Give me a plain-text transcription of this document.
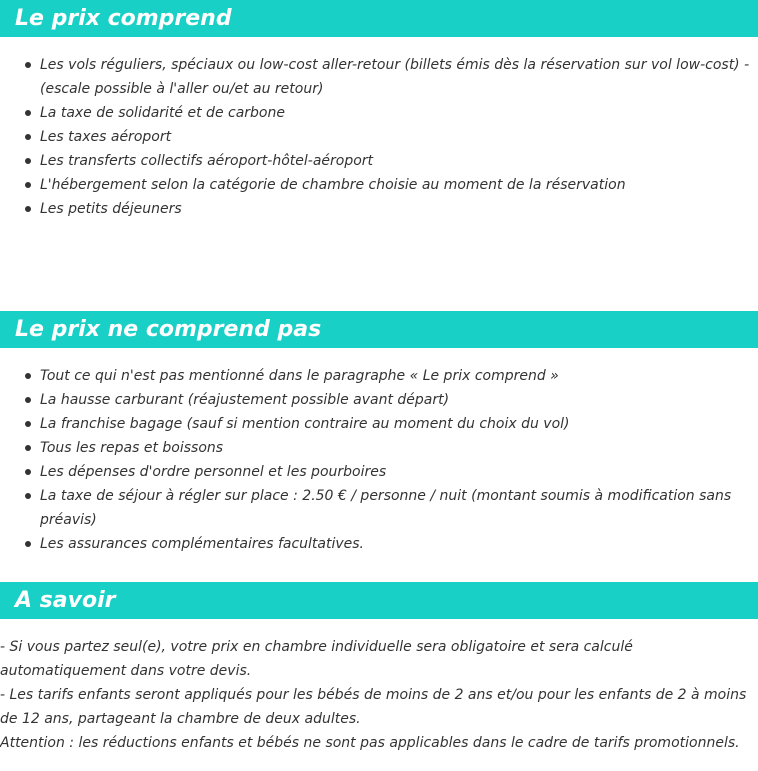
Le prix comprend
Les vols réguliers, spéciaux ou low-cost aller-retour (billets émis dès la réservation sur vol low-cost) - (escale possible à l'aller ou/et au retour)
La taxe de solidarité et de carbone
Les taxes aéroport
Les transferts collectifs aéroport-hôtel-aéroport
L'hébergement selon la catégorie de chambre choisie au moment de la réservation
Les petits déjeuners
Le prix ne comprend pas
Tout ce qui n'est pas mentionné dans le paragraphe « Le prix comprend »
La hausse carburant (réajustement possible avant départ)
La franchise bagage (sauf si mention contraire au moment du choix du vol)
Tous les repas et boissons
Les dépenses d'ordre personnel et les pourboires
La taxe de séjour à régler sur place : 2.50 € / personne / nuit (montant soumis à modification sans préavis)
Les assurances complémentaires facultatives.
A savoir

- Si vous partez seul(e), votre prix en chambre individuelle sera obligatoire et sera calculé automatiquement dans votre devis.

- Les tarifs enfants seront appliqués pour les bébés de moins de 2 ans et/ou pour les enfants de 2 à moins de 12 ans, partageant la chambre de deux adultes.

Attention : les réductions enfants et bébés ne sont pas applicables dans le cadre de tarifs promotionnels.
